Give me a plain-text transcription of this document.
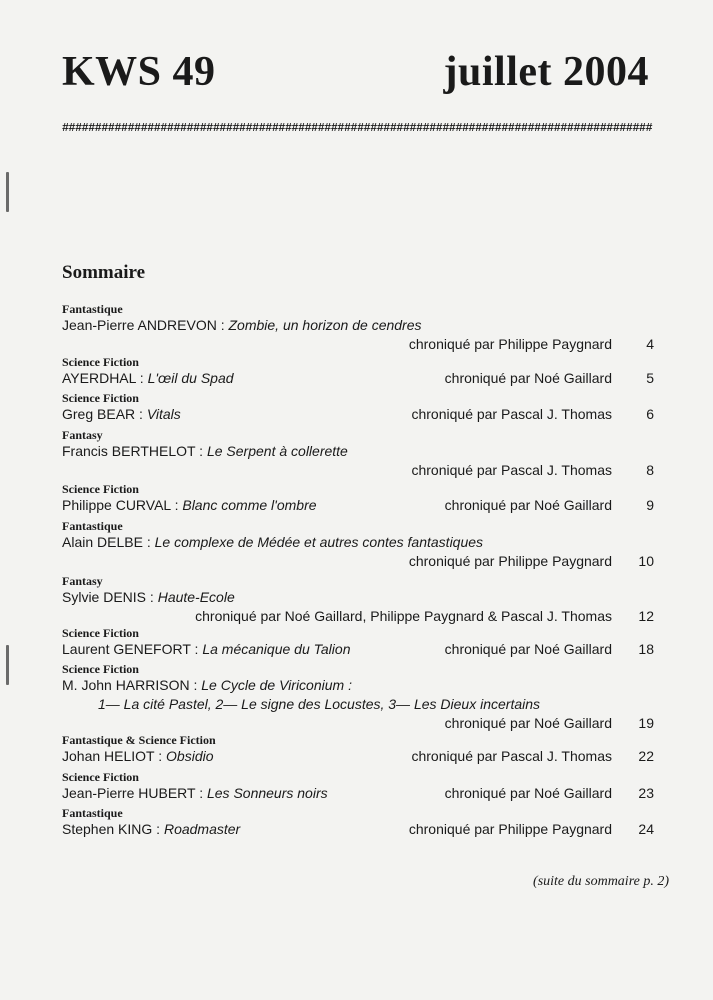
KWS 49	juillet 2004
##########################################################################################
Sommaire
Fantastique
Jean-Pierre ANDREVON : Zombie, un horizon de cendres
chroniqué par Philippe Paygnard	4
Science Fiction
AYERDHAL : L'œil du Spad	chroniqué par Noé Gaillard	5
Science Fiction
Greg BEAR : Vitals	chroniqué par Pascal J. Thomas	6
Fantasy
Francis BERTHELOT : Le Serpent à collerette
chroniqué par Pascal J. Thomas	8
Science Fiction
Philippe CURVAL : Blanc comme l'ombre	chroniqué par Noé Gaillard	9
Fantastique
Alain DELBE : Le complexe de Médée et autres contes fantastiques
chroniqué par Philippe Paygnard	10
Fantasy
Sylvie DENIS : Haute-Ecole
chroniqué par Noé Gaillard, Philippe Paygnard & Pascal J. Thomas	12
Science Fiction
Laurent GENEFORT : La mécanique du Talion	chroniqué par Noé Gaillard	18
Science Fiction
M. John HARRISON : Le Cycle de Viriconium :
1— La cité Pastel, 2— Le signe des Locustes, 3— Les Dieux incertains
chroniqué par Noé Gaillard	19
Fantastique & Science Fiction
Johan HELIOT : Obsidio	chroniqué par Pascal J. Thomas	22
Science Fiction
Jean-Pierre HUBERT : Les Sonneurs noirs	chroniqué par Noé Gaillard	23
Fantastique
Stephen KING : Roadmaster	chroniqué par Philippe Paygnard	24
(suite du sommaire p. 2)
